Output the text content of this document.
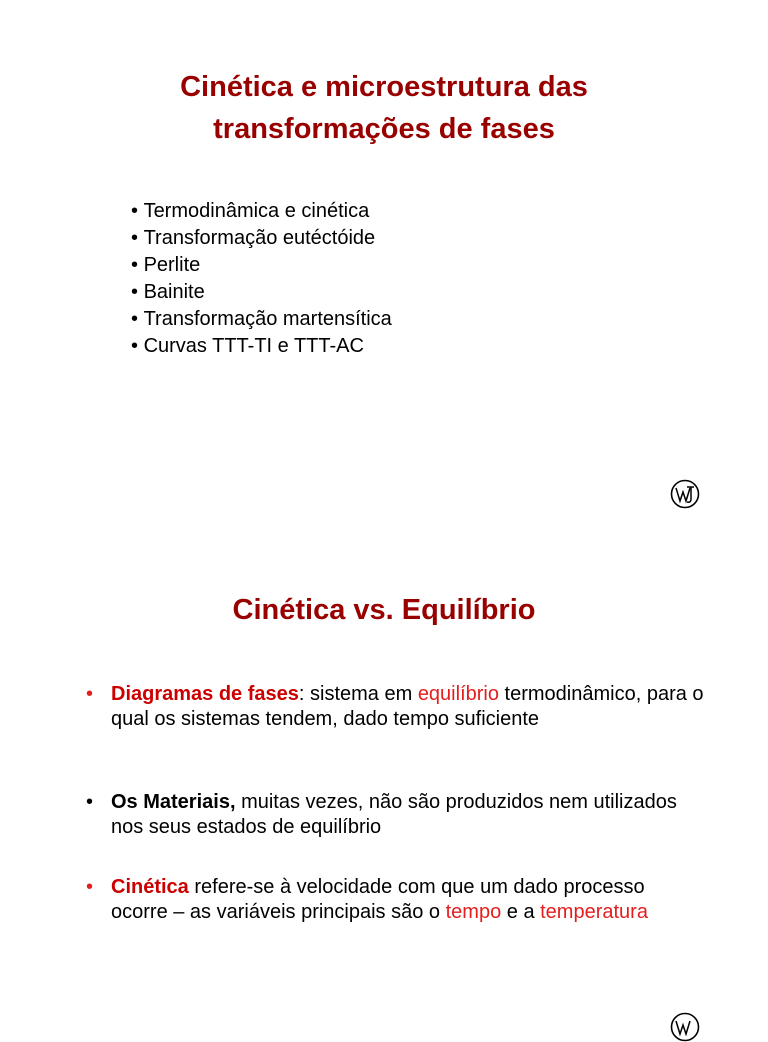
Cinética e microestrutura das
transformações de fases
• Termodinâmica e cinética
• Transformação eutéctóide
• Perlite
• Bainite
• Transformação martensítica
• Curvas TTT-TI e TTT-AC
Cinética vs. Equilíbrio
• Diagramas de fases: sistema em equilíbrio termodinâmico, para o qual os sistemas tendem, dado tempo suficiente
• Os Materiais, muitas vezes, não são produzidos nem utilizados nos seus estados de equilíbrio
• Cinética refere-se à velocidade com que um dado processo ocorre – as variáveis principais são o tempo e a temperatura
